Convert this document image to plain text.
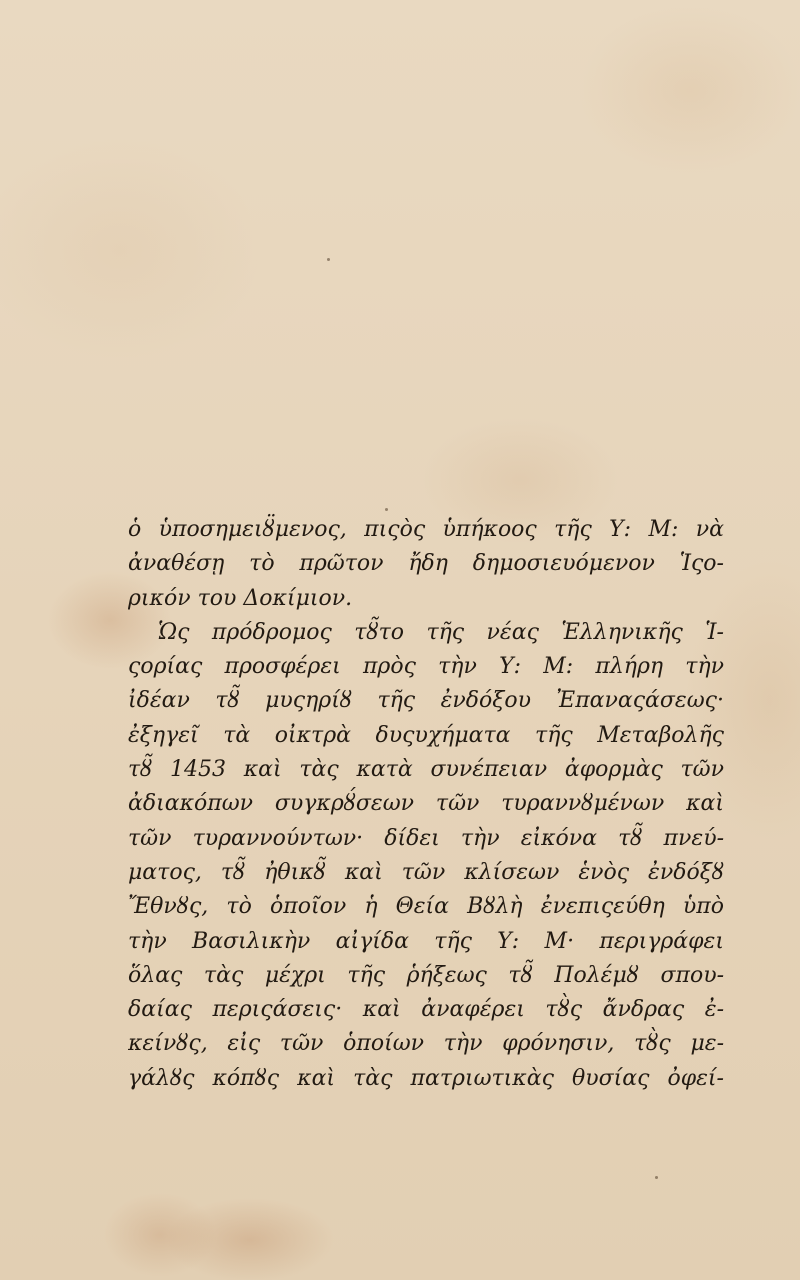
ὁ ὑποσημειȣ̈μενος, πιςὸς ὑπήκοος τῆς Υ: Μ: νὰ
ἀναθέσῃ τὸ πρῶτον ἤδη δημοσιευόμενον Ἱςο-
ρικόν του Δοκίμιον.
Ὡς πρόδρομος τȣ̃το τῆς νέας Ἑλληνικῆς Ἱ-
ςορίας προσφέρει πρὸς τὴν Υ: Μ: πλήρη τὴν
ἰδέαν τȣ̃ μυςηρίȣ τῆς ἐνδόξου Ἐπαναςάσεως·
ἐξηγεῖ τὰ οἰκτρὰ δυςυχήματα τῆς Μεταβολῆς
τȣ̃ 1453 καὶ τὰς κατὰ συνέπειαν ἀφορμὰς τῶν
ἀδιακόπων συγκρȣ́σεων τῶν τυραννȣμένων καὶ
τῶν τυραννούντων· δίδει τὴν εἰκόνα τȣ̃ πνεύ-
ματος, τȣ̃ ἠθικȣ̃ καὶ τῶν κλίσεων ἑνὸς ἐνδόξȣ
Ἔθνȣς, τὸ ὁποῖον ἡ Θεία Βȣλὴ ἐνεπιςεύθη ὑπὸ
τὴν Βασιλικὴν αἰγίδα τῆς Υ: Μ· περιγράφει
ὅλας τὰς μέχρι τῆς ῥήξεως τȣ̃ Πολέμȣ σπου-
δαίας περιςάσεις· καὶ ἀναφέρει τȣ̀ς ἄνδρας ἐ-
κείνȣς, εἰς τῶν ὁποίων τὴν φρόνησιν, τȣ̀ς με-
γάλȣς κόπȣς καὶ τὰς πατριωτικὰς θυσίας ὀφεί-
